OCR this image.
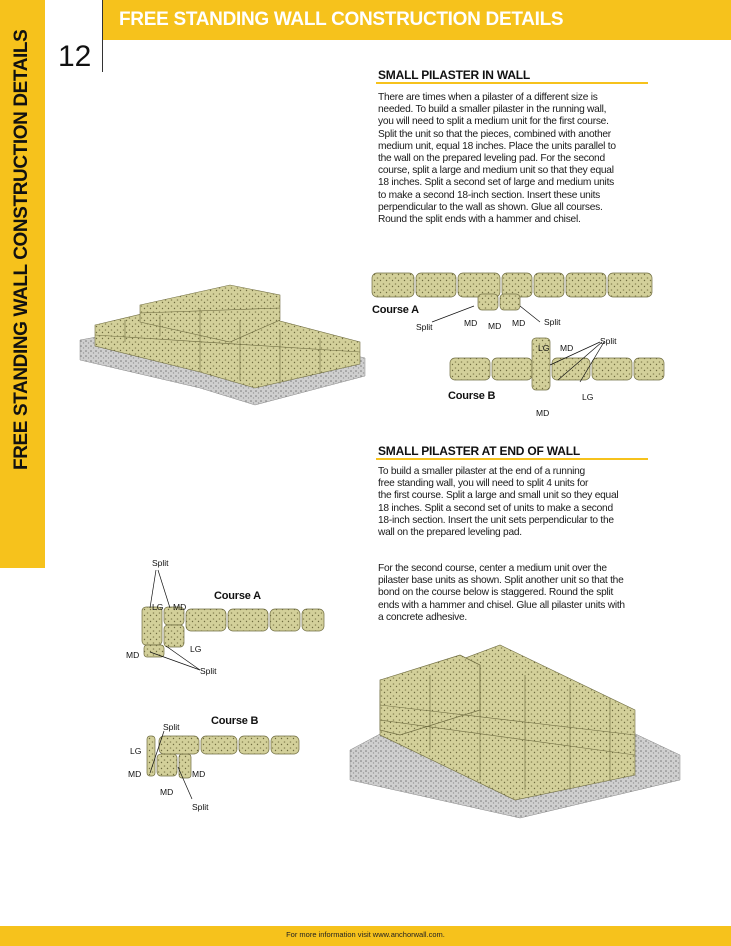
FREE STANDING WALL CONSTRUCTION DETAILS
FREE STANDING WALL CONSTRUCTION DETAILS 12
SMALL PILASTER IN WALL
There are times when a pilaster of a different size is
needed. To build a smaller pilaster in the running wall,
you will need to split a medium unit for the first course.
Split the unit so that the pieces, combined with another
medium unit, equal 18 inches. Place the units parallel to
the wall on the prepared leveling pad. For the second
course, split a large and medium unit so that they equal
18 inches. Split a second set of large and medium units
to make a second 18-inch section. Insert these units
perpendicular to the wall as shown. Glue all courses.
Round the split ends with a hammer and chisel.
Course A
Course B
Split	MD MD MD Split
Split
LG MD
MD
LG
SMALL PILASTER AT END OF WALL
To build a smaller pilaster at the end of a running
free standing wall, you will need to split 4 units for
the first course. Split a large and small unit so they equal
18 inches. Split a second set of units to make a second
18-inch section. Insert the unit sets perpendicular to the
wall on the prepared leveling pad.
For the second course, center a medium unit over the
pilaster base units as shown. Split another unit so that the
bond on the course below is staggered. Round the split
ends with a hammer and chisel. Glue all pilaster units with
a concrete adhesive.
Split
LG MD
MD
LG
Split
Course A
Split
LG
MD	MD
MD
Split
Course B
For more information visit www.anchorwall.com.
